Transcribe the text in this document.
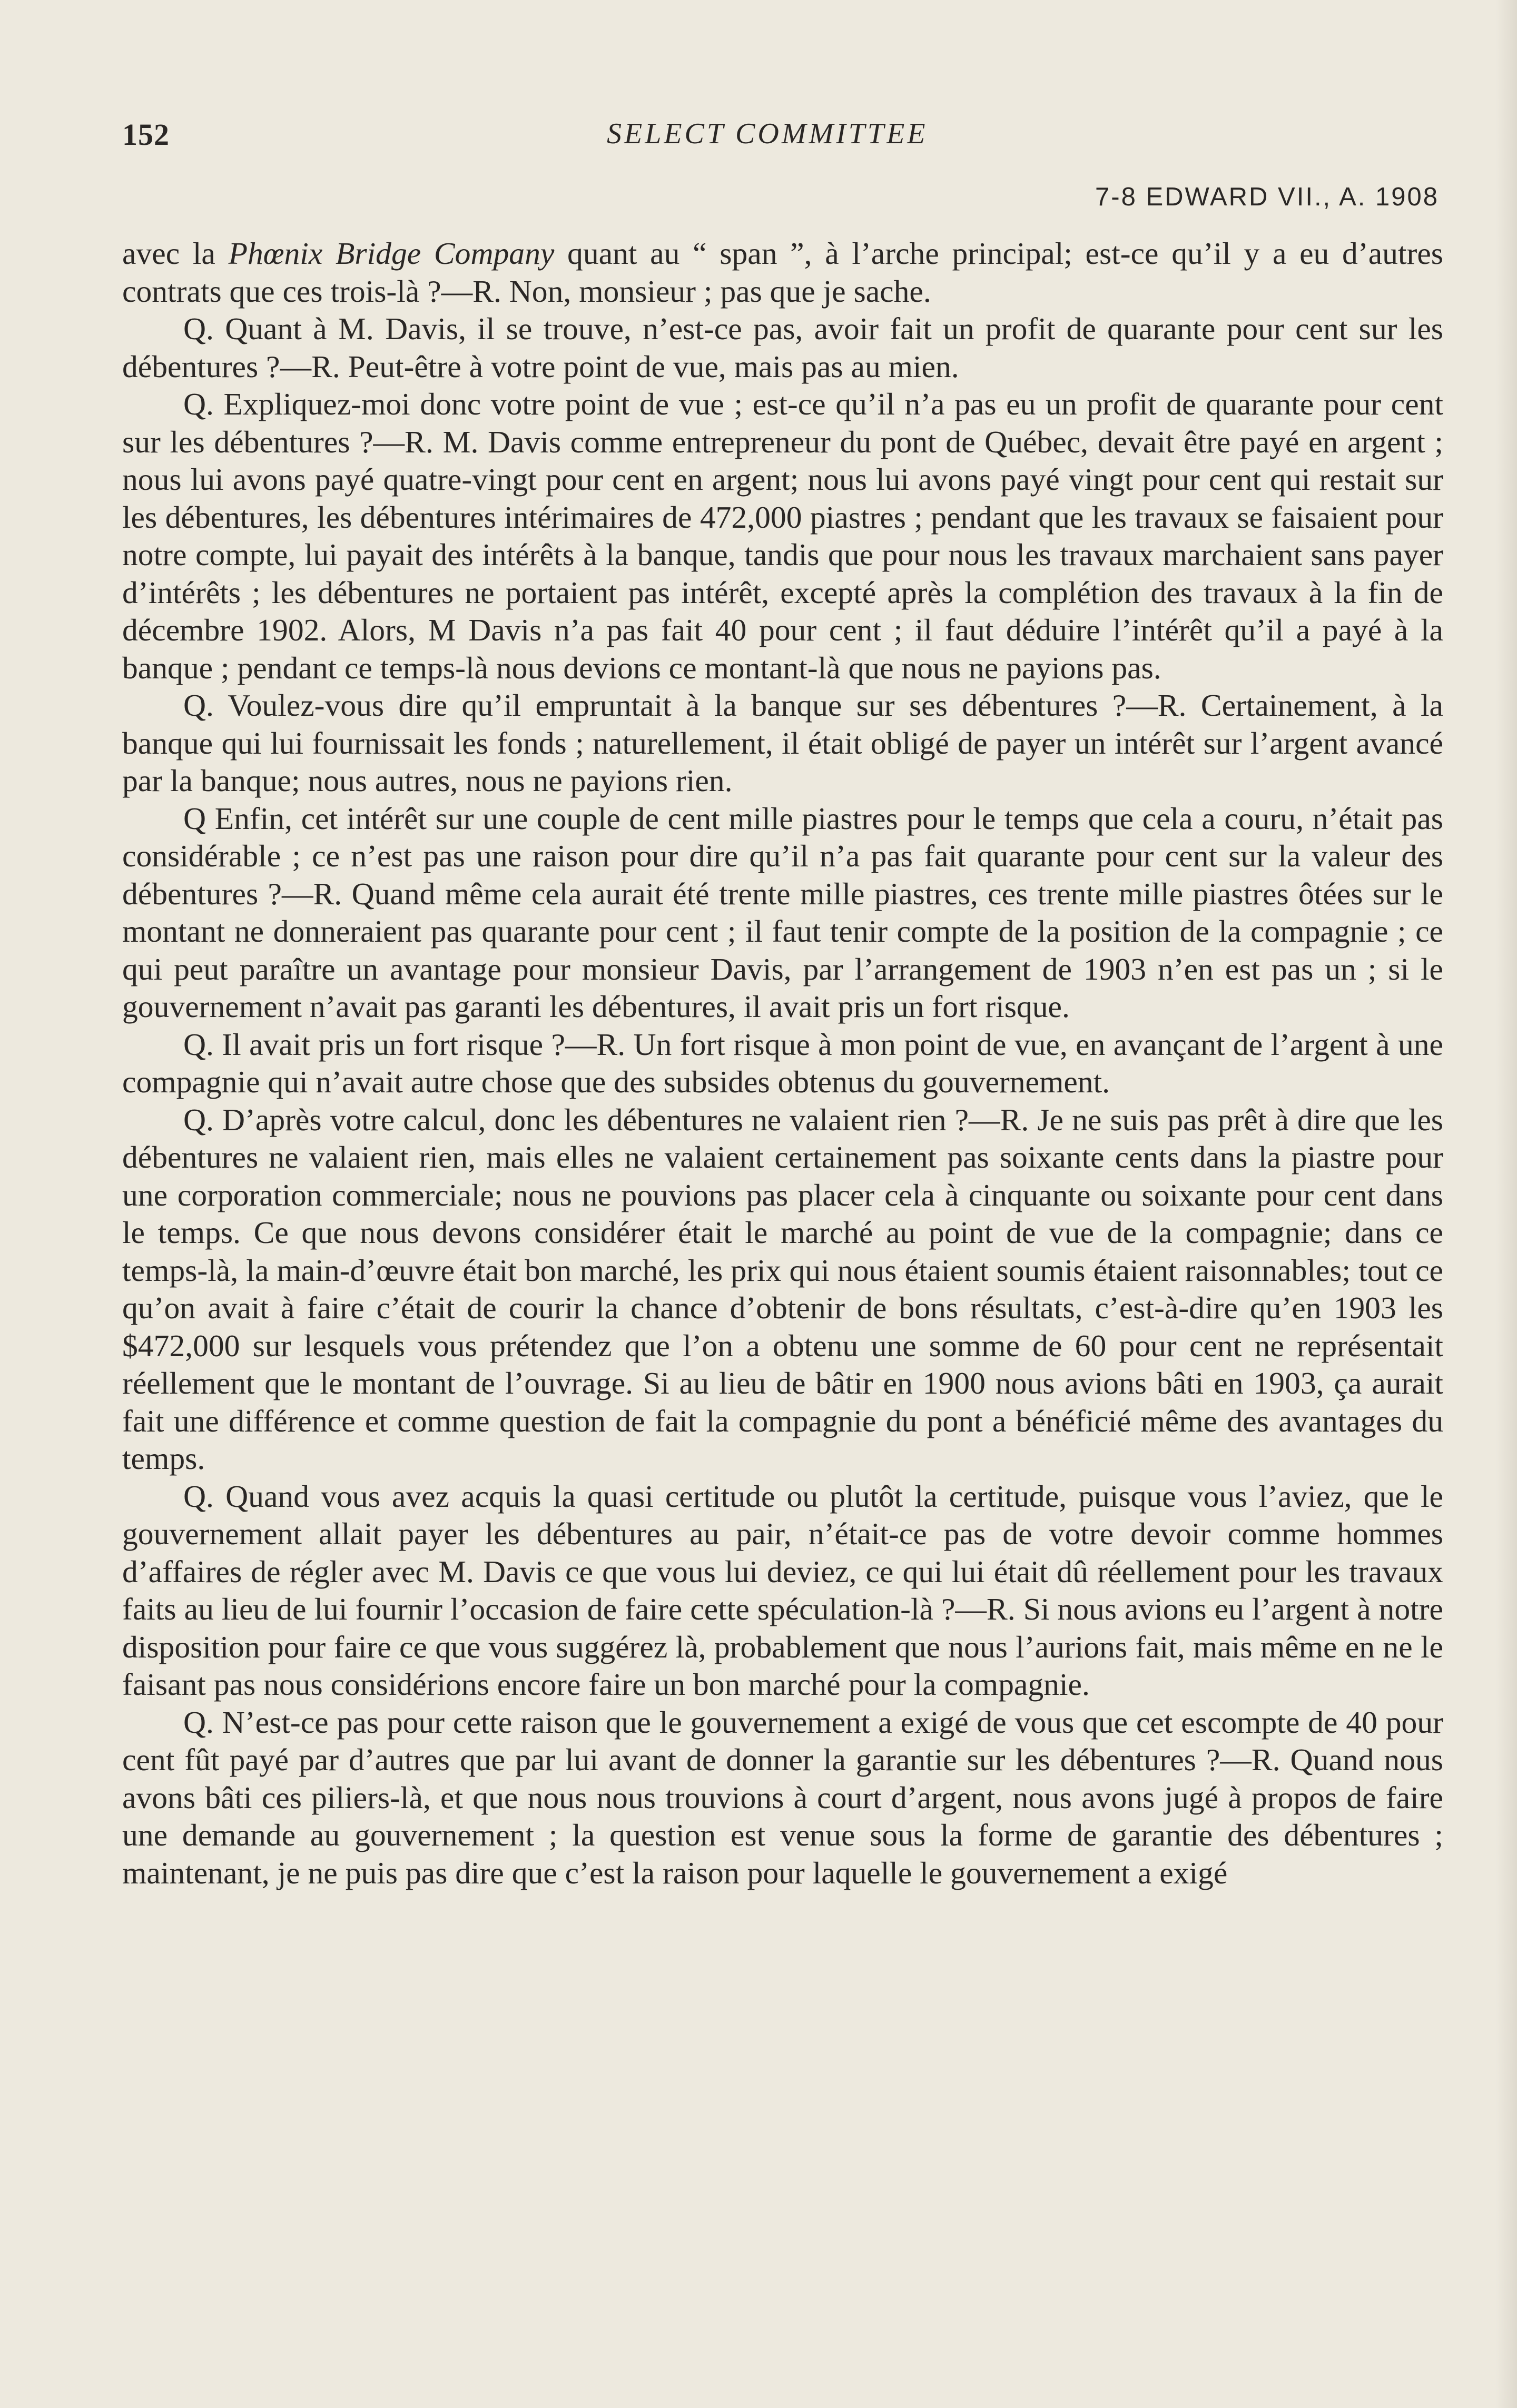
152	SELECT COMMITTEE
7-8 EDWARD VII., A. 1908

avec la Phœnix Bridge Company quant au “ span ”, à l’arche principal; est-ce qu’il y a eu d’autres contrats que ces trois-là ?—R. Non, monsieur ; pas que je sache.

Q. Quant à M. Davis, il se trouve, n’est-ce pas, avoir fait un profit de quarante pour cent sur les débentures ?—R. Peut-être à votre point de vue, mais pas au mien.

Q. Expliquez-moi donc votre point de vue ; est-ce qu’il n’a pas eu un profit de quarante pour cent sur les débentures ?—R. M. Davis comme entrepreneur du pont de Québec, devait être payé en argent ; nous lui avons payé quatre-vingt pour cent en argent; nous lui avons payé vingt pour cent qui restait sur les débentures, les débentures intérimaires de 472,000 piastres ; pendant que les travaux se faisaient pour notre compte, lui payait des intérêts à la banque, tandis que pour nous les travaux marchaient sans payer d’intérêts ; les débentures ne portaient pas intérêt, excepté après la complétion des travaux à la fin de décembre 1902. Alors, M Davis n’a pas fait 40 pour cent ; il faut déduire l’intérêt qu’il a payé à la banque ; pendant ce temps-là nous devions ce montant-là que nous ne payions pas.

Q. Voulez-vous dire qu’il empruntait à la banque sur ses débentures ?—R. Certainement, à la banque qui lui fournissait les fonds ; naturellement, il était obligé de payer un intérêt sur l’argent avancé par la banque; nous autres, nous ne payions rien.

Q Enfin, cet intérêt sur une couple de cent mille piastres pour le temps que cela a couru, n’était pas considérable ; ce n’est pas une raison pour dire qu’il n’a pas fait quarante pour cent sur la valeur des débentures ?—R. Quand même cela aurait été trente mille piastres, ces trente mille piastres ôtées sur le montant ne donneraient pas quarante pour cent ; il faut tenir compte de la position de la compagnie ; ce qui peut paraître un avantage pour monsieur Davis, par l’arrangement de 1903 n’en est pas un ; si le gouvernement n’avait pas garanti les débentures, il avait pris un fort risque.

Q. Il avait pris un fort risque ?—R. Un fort risque à mon point de vue, en avançant de l’argent à une compagnie qui n’avait autre chose que des subsides obtenus du gouvernement.

Q. D’après votre calcul, donc les débentures ne valaient rien ?—R. Je ne suis pas prêt à dire que les débentures ne valaient rien, mais elles ne valaient certainement pas soixante cents dans la piastre pour une corporation commerciale; nous ne pouvions pas placer cela à cinquante ou soixante pour cent dans le temps. Ce que nous devons considérer était le marché au point de vue de la compagnie; dans ce temps-là, la main-d’œuvre était bon marché, les prix qui nous étaient soumis étaient raisonnables; tout ce qu’on avait à faire c’était de courir la chance d’obtenir de bons résultats, c’est-à-dire qu’en 1903 les $472,000 sur lesquels vous prétendez que l’on a obtenu une somme de 60 pour cent ne représentait réellement que le montant de l’ouvrage. Si au lieu de bâtir en 1900 nous avions bâti en 1903, ça aurait fait une différence et comme question de fait la compagnie du pont a bénéficié même des avantages du temps.

Q. Quand vous avez acquis la quasi certitude ou plutôt la certitude, puisque vous l’aviez, que le gouvernement allait payer les débentures au pair, n’était-ce pas de votre devoir comme hommes d’affaires de régler avec M. Davis ce que vous lui deviez, ce qui lui était dû réellement pour les travaux faits au lieu de lui fournir l’occasion de faire cette spéculation-là ?—R. Si nous avions eu l’argent à notre disposition pour faire ce que vous suggérez là, probablement que nous l’aurions fait, mais même en ne le faisant pas nous considérions encore faire un bon marché pour la compagnie.

Q. N’est-ce pas pour cette raison que le gouvernement a exigé de vous que cet escompte de 40 pour cent fût payé par d’autres que par lui avant de donner la garantie sur les débentures ?—R. Quand nous avons bâti ces piliers-là, et que nous nous trouvions à court d’argent, nous avons jugé à propos de faire une demande au gouvernement ; la question est venue sous la forme de garantie des débentures ; maintenant, je ne puis pas dire que c’est la raison pour laquelle le gouvernement a exigé
